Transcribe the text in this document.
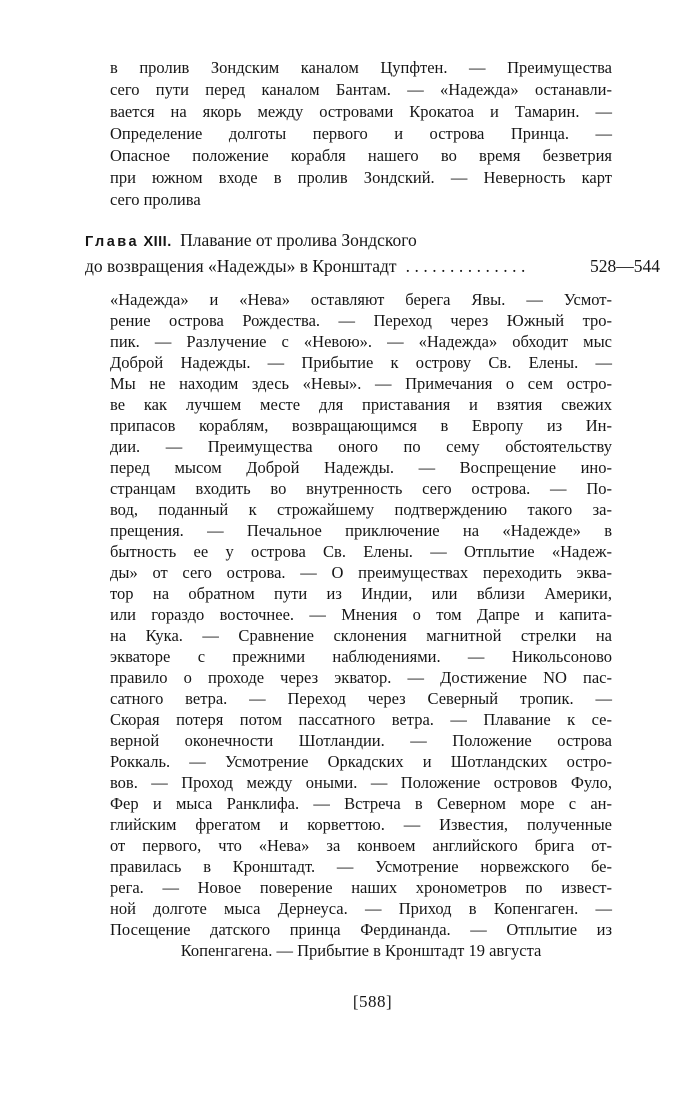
в пролив Зондским каналом Цупфтен. — Преимущества
сего пути перед каналом Бантам. — «Надежда» останавли-
вается на якорь между островами Крокатоа и Тамарин. —
Определение долготы первого и острова Принца. —
Опасное положение корабля нашего во время безветрия
при южном входе в пролив Зондский. — Неверность карт
сего пролива
Глава XIII. Плавание от пролива Зондского
до возвращения «Надежды» в Кронштадт ..............	528—544
«Надежда» и «Нева» оставляют берега Явы. — Усмот-
рение острова Рождества. — Переход через Южный тро-
пик. — Разлучение с «Невою». — «Надежда» обходит мыс
Доброй Надежды. — Прибытие к острову Св. Елены. —
Мы не находим здесь «Невы». — Примечания о сем остро-
ве как лучшем месте для приставания и взятия свежих
припасов кораблям, возвращающимся в Европу из Ин-
дии. — Преимущества оного по сему обстоятельству
перед мысом Доброй Надежды. — Воспрещение ино-
странцам входить во внутренность сего острова. — По-
вод, поданный к строжайшему подтверждению такого за-
прещения. — Печальное приключение на «Надежде» в
бытность ее у острова Св. Елены. — Отплытие «Надеж-
ды» от сего острова. — О преимуществах переходить эква-
тор на обратном пути из Индии, или вблизи Америки,
или гораздо восточнее. — Мнения о том Дапре и капита-
на Кука. — Сравнение склонения магнитной стрелки на
экваторе с прежними наблюдениями. — Никольсоново
правило о проходе через экватор. — Достижение NO пас-
сатного ветра. — Переход через Северный тропик. —
Скорая потеря потом пассатного ветра. — Плавание к се-
верной оконечности Шотландии. — Положение острова
Роккаль. — Усмотрение Оркадских и Шотландских остро-
вов. — Проход между оными. — Положение островов Фуло,
Фер и мыса Ранклифа. — Встреча в Северном море с ан-
глийским фрегатом и корветтою. — Известия, полученные
от первого, что «Нева» за конвоем английского брига от-
правилась в Кронштадт. — Усмотрение норвежского бе-
рега. — Новое поверение наших хронометров по извест-
ной долготе мыса Дернеуса. — Приход в Копенгаген. —
Посещение датского принца Фердинанда. — Отплытие из
Копенгагена. — Прибытие в Кронштадт 19 августа
[588]
